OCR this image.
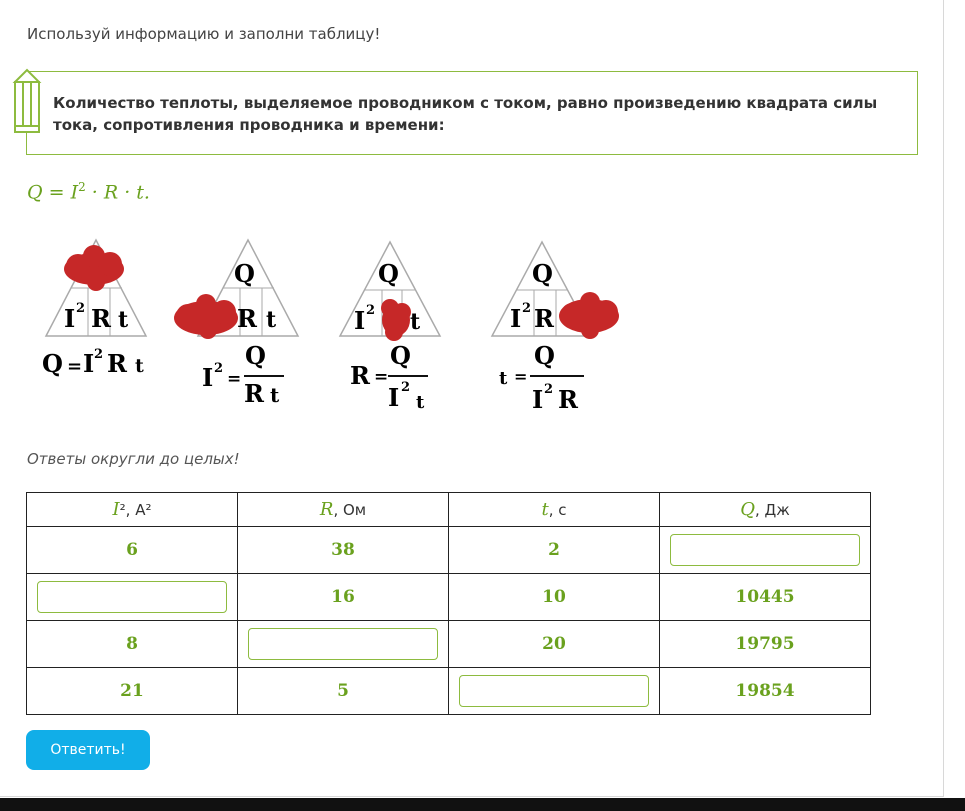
Используй информацию и заполни таблицу!
Количество теплоты, выделяемое проводником с током, равно произведению квадрата силы тока, сопротивления проводника и времени:
$Q = I^2 \cdot R \cdot t$.
I 2 R t
Q = I 2 R t
Q
R t
I 2
=
Q
R t
Q
I 2 t
R =
Q
I 2
t
Q
I 2 R
t =
Q
I 2 R
Ответы округли до целых!
I², А²	R, Ом	t, с	Q, Дж
6	38	2	

	16	10	10445
8		20	19795
21	5		19854
Ответить!
